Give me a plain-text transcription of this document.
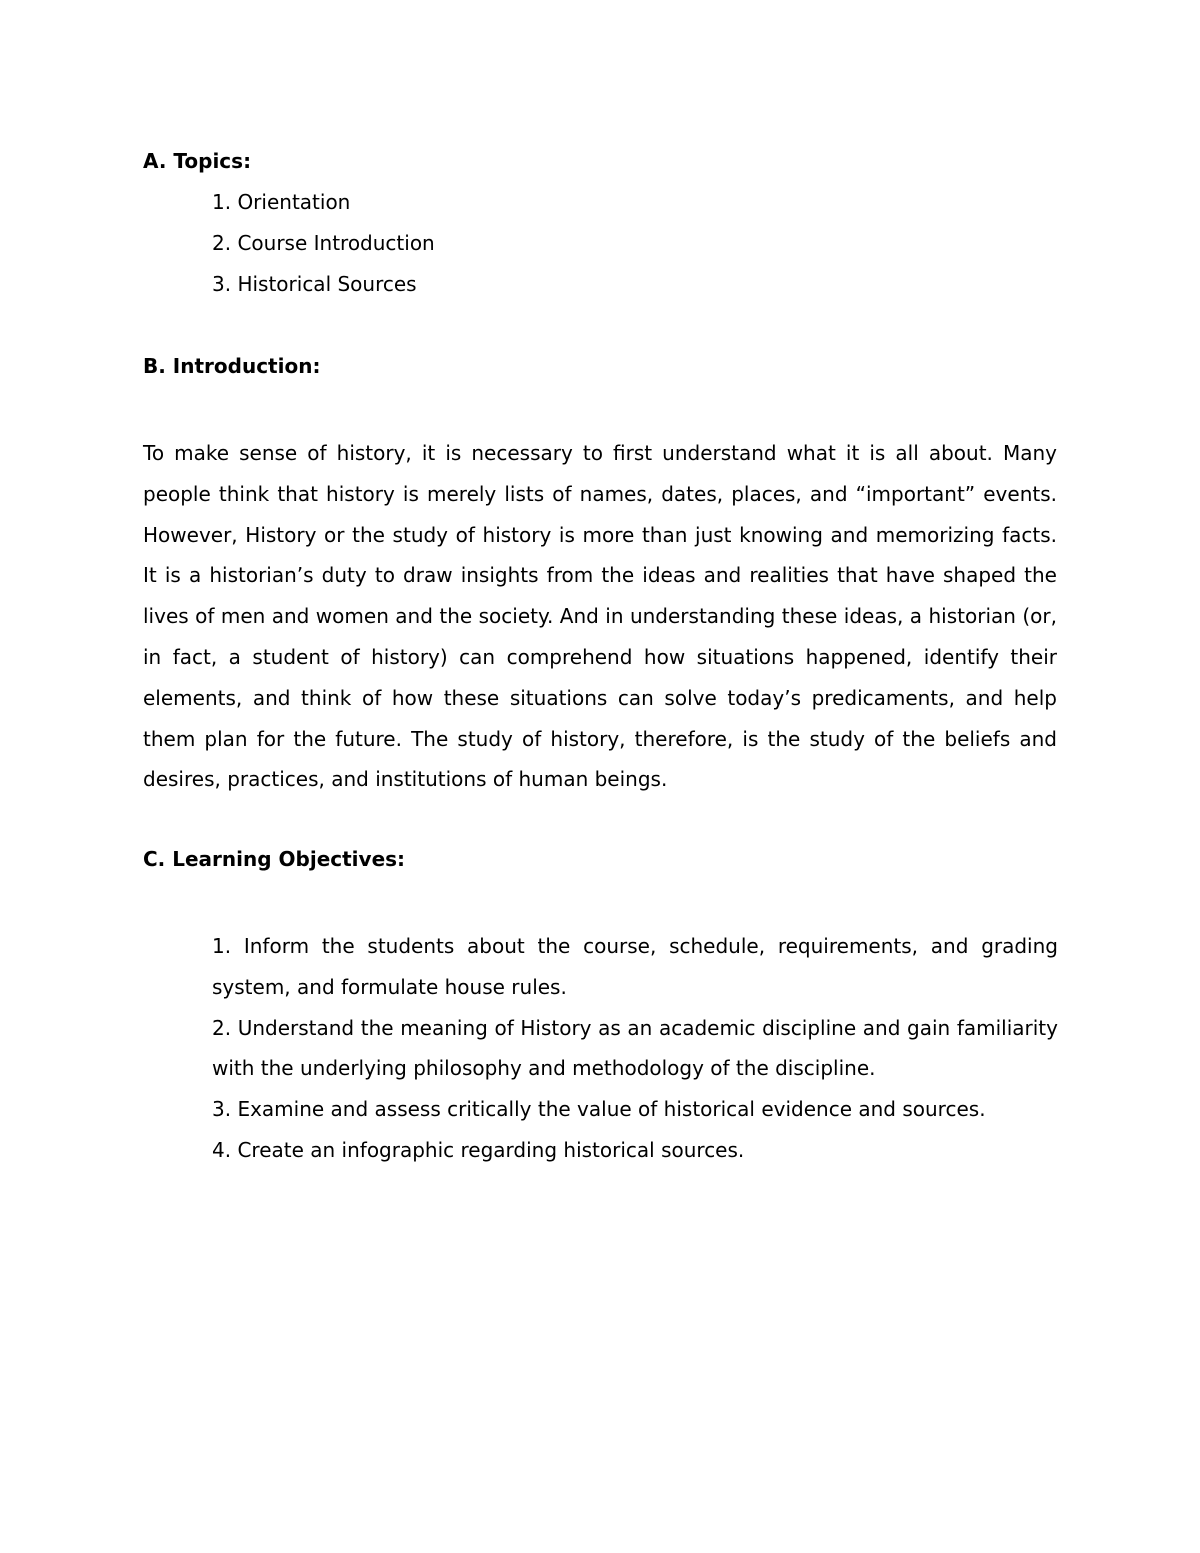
A. Topics:
1. Orientation
2. Course Introduction
3. Historical Sources
B. Introduction:

To make sense of history, it is necessary to first understand what it is all about. Many people think that history is merely lists of names, dates, places, and “important” events. However, History or the study of history is more than just knowing and memorizing facts. It is a historian’s duty to draw insights from the ideas and realities that have shaped the lives of men and women and the society. And in understanding these ideas, a historian (or, in fact, a student of history) can comprehend how situations happened, identify their elements, and think of how these situations can solve today’s predicaments, and help them plan for the future. The study of history, therefore, is the study of the beliefs and desires, practices, and institutions of human beings.

C. Learning Objectives:
1. Inform the students about the course, schedule, requirements, and grading system, and formulate house rules.
2. Understand the meaning of History as an academic discipline and gain familiarity with the underlying philosophy and methodology of the discipline.
3. Examine and assess critically the value of historical evidence and sources.
4. Create an infographic regarding historical sources.
